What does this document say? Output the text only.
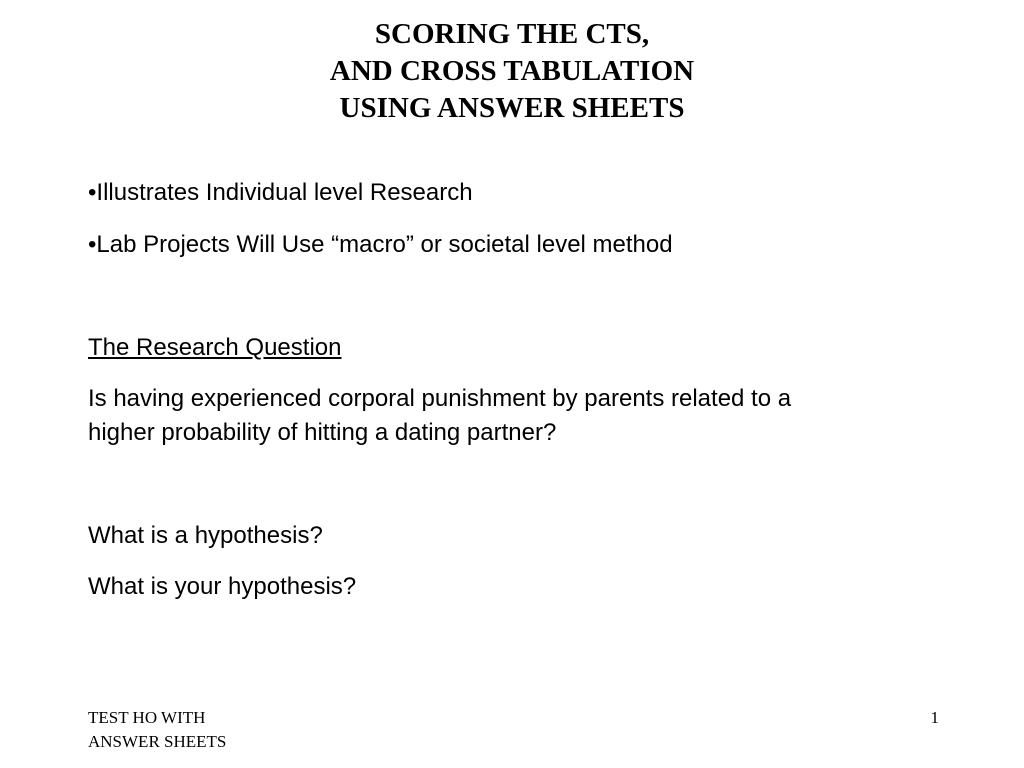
SCORING THE CTS,
AND CROSS TABULATION
USING ANSWER SHEETS
•Illustrates Individual level Research
•Lab Projects Will Use “macro” or societal level method
The Research Question
Is having experienced corporal punishment by parents related to a
higher probability of hitting a dating partner?
What is a hypothesis?
What is your hypothesis?
TEST HO WITH
ANSWER SHEETS
1
